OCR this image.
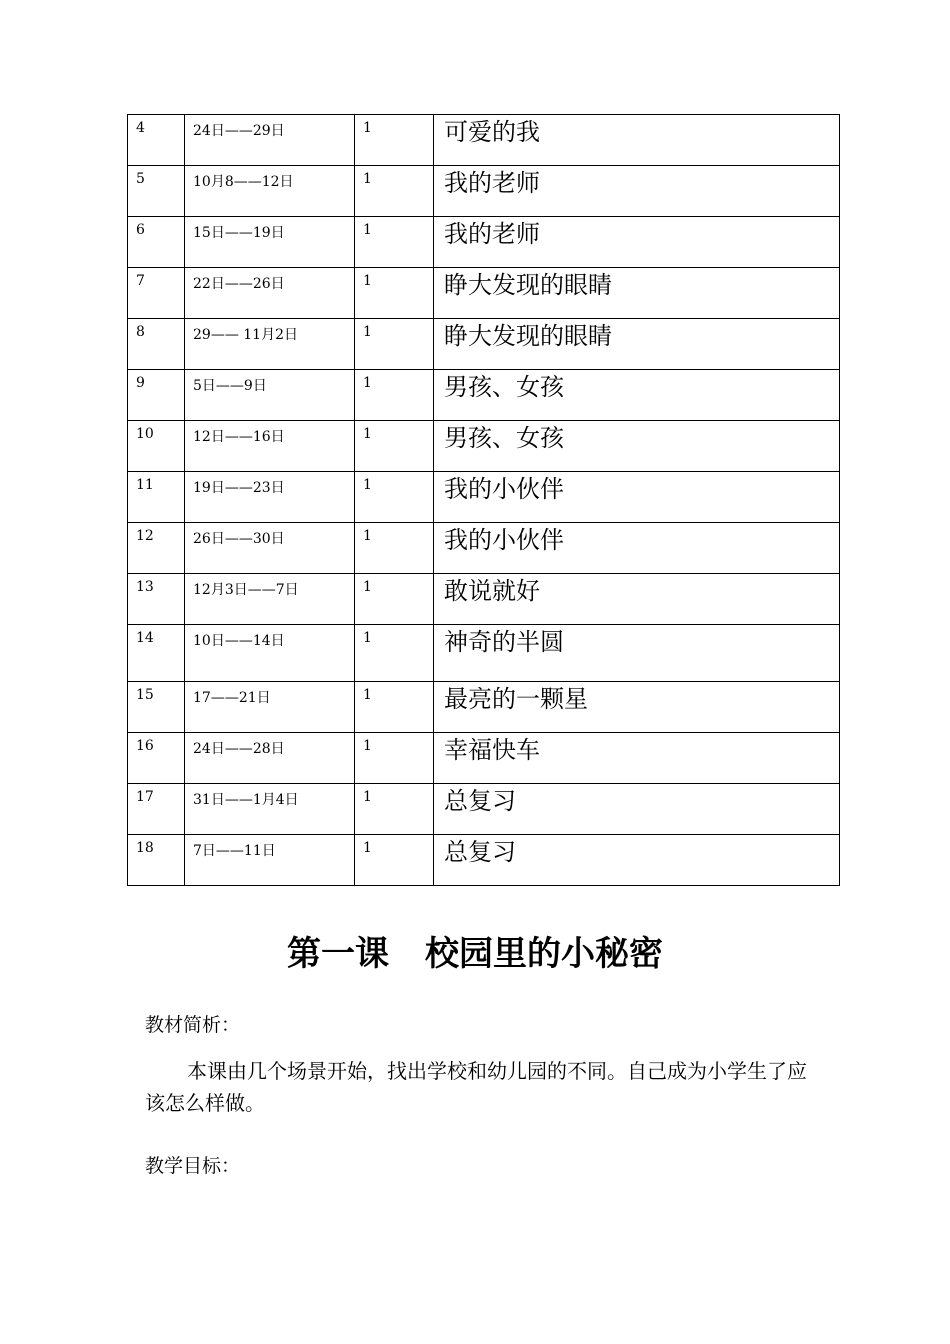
4	24日——29日	1	可爱的我
5	10月8——12日	1	我的老师
6	15日——19日	1	我的老师
7	22日——26日	1	睁大发现的眼睛
8	29—— 11月2日	1	睁大发现的眼睛
9	5日——9日	1	男孩、女孩
10	12日——16日	1	男孩、女孩
11	19日——23日	1	我的小伙伴
12	26日——30日	1	我的小伙伴
13	12月3日——7日	1	敢说就好
14	10日——14日	1	神奇的半圆
15	17——21日	1	最亮的一颗星
16	24日——28日	1	幸福快车
17	31日——1月4日	1	总复习
18	7日——11日	1	总复习
第一课 校园里的小秘密
教材简析：
本课由几个场景开始，找出学校和幼儿园的不同。自己成为小学生了应该怎么样做。
教学目标：
